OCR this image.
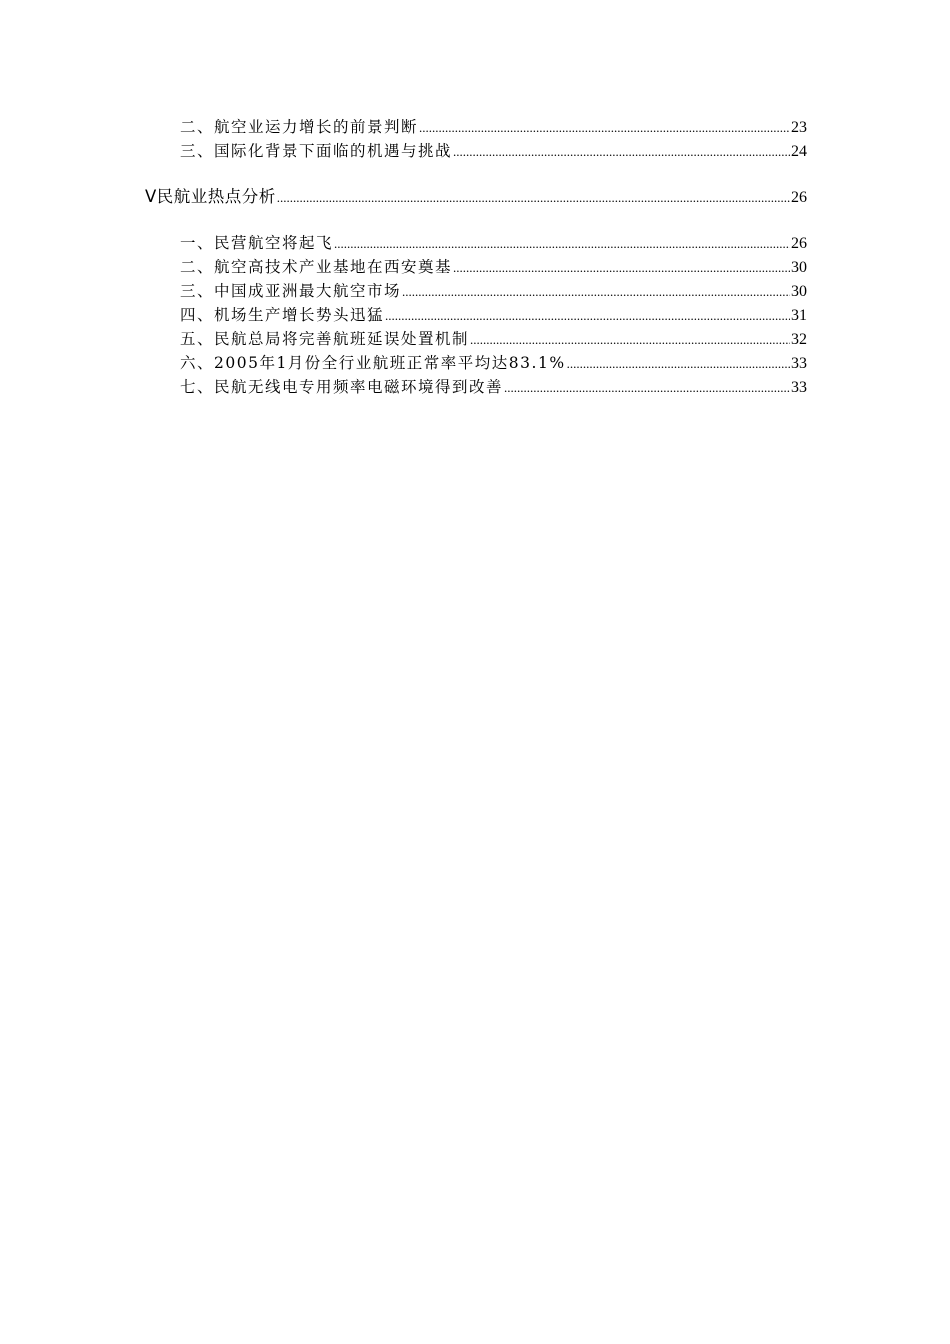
二、航空业运力增长的前景判断 .....	23
三、国际化背景下面临的机遇与挑战 .....	24
Ⅴ民航业热点分析 .....	26
一、民营航空将起飞 .....	26
二、航空高技术产业基地在西安奠基 .....	30
三、中国成亚洲最大航空市场 .....	30
四、机场生产增长势头迅猛 .....	31
五、民航总局将完善航班延误处置机制 .....	32
六、2005年1月份全行业航班正常率平均达83.1% .....	33
七、民航无线电专用频率电磁环境得到改善 .....	33
